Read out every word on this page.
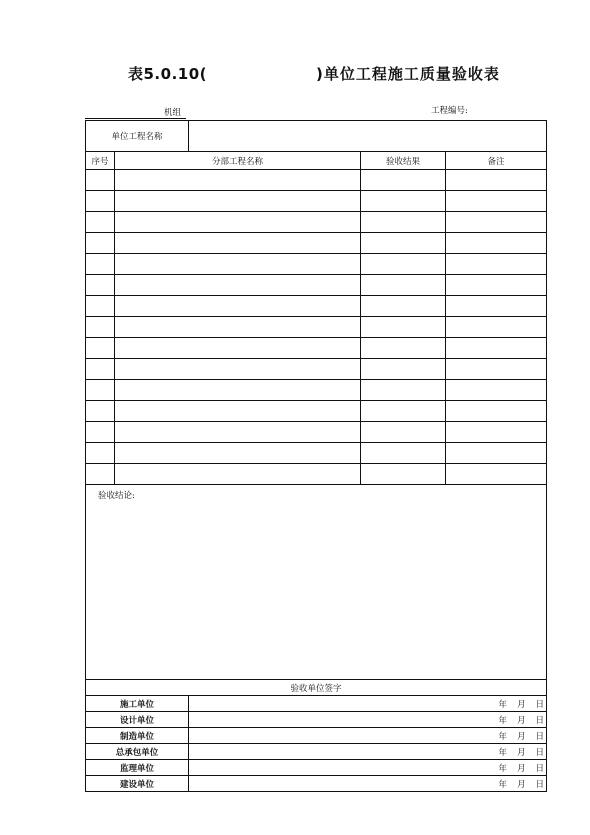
表5.0.10(	)单位工程施工质量验收表
机组	工程编号:
单位工程名称				
序号	分部工程名称		验收结果	备注

验收结论:				
验收单位签字				
施工单位		年 月 日		
设计单位		年 月 日		
制造单位		年 月 日		
总承包单位		年 月 日		
监理单位		年 月 日		
建设单位		年 月 日		
